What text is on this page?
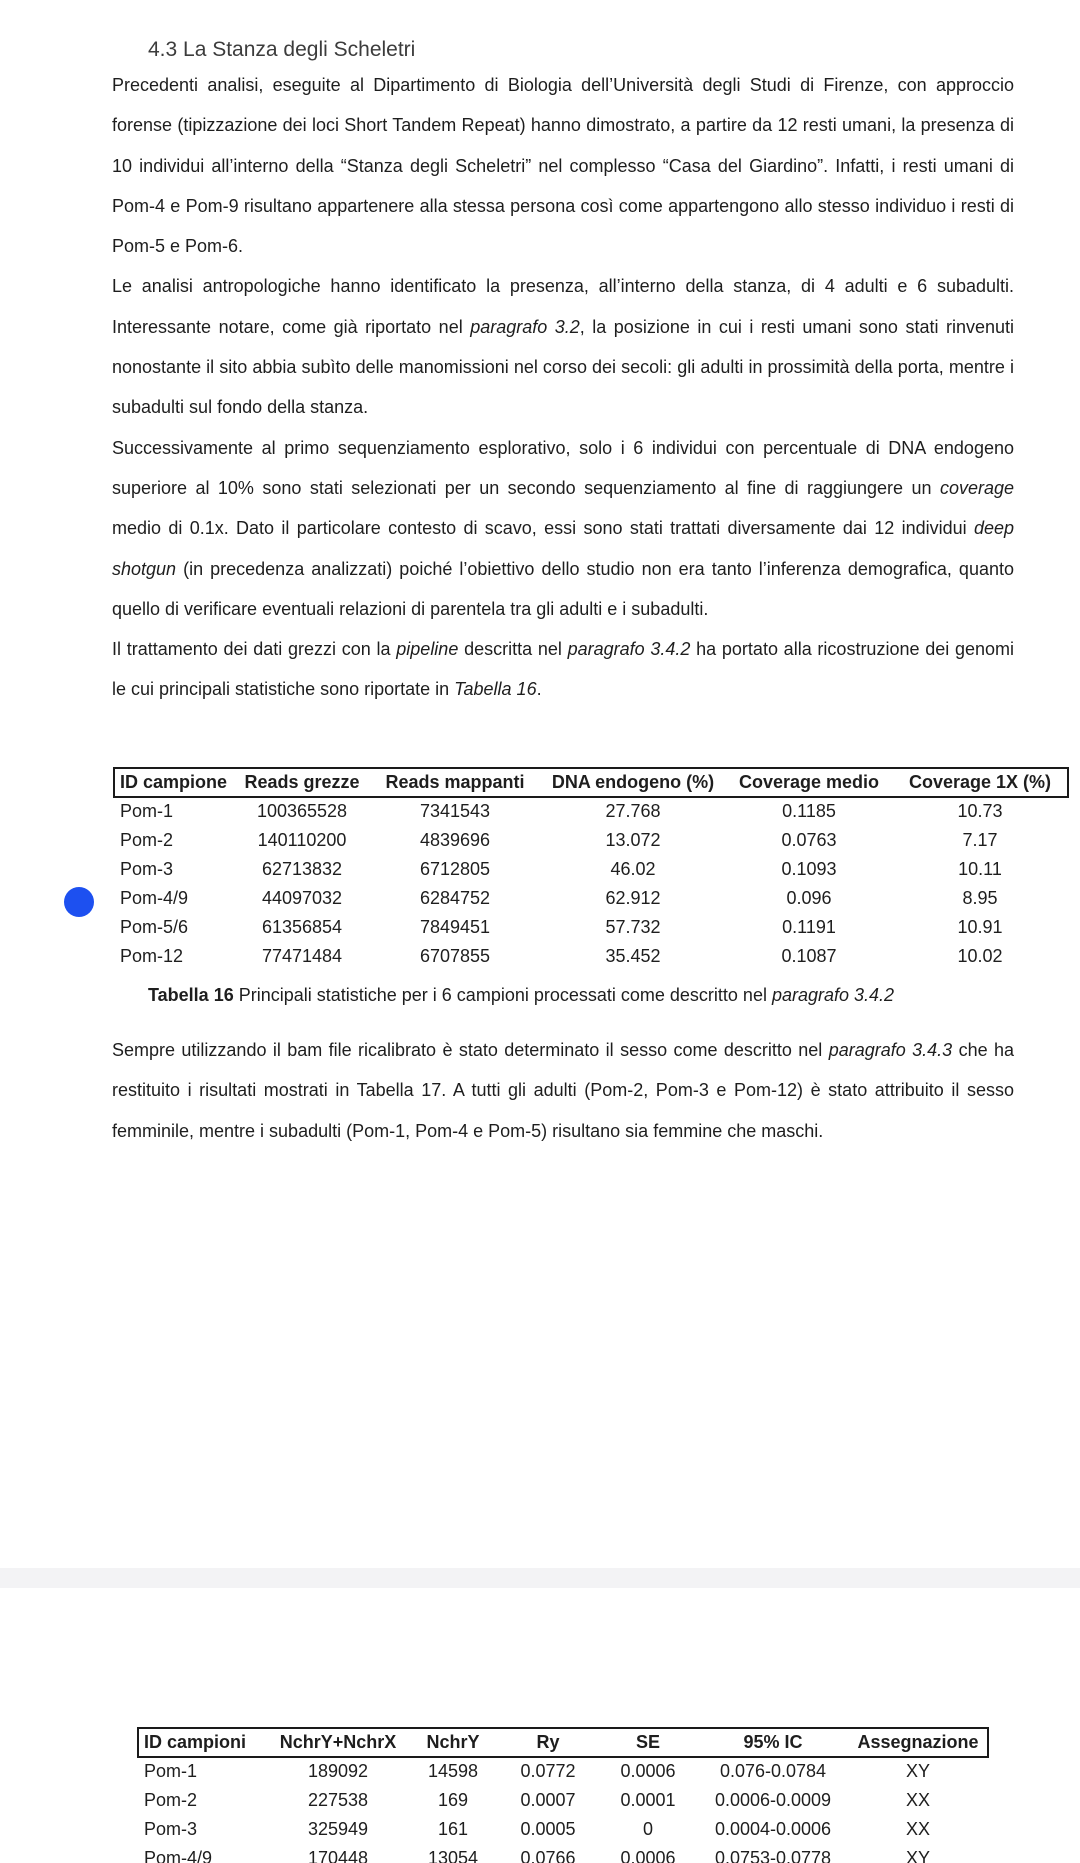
4.3 La Stanza degli Scheletri

Precedenti analisi, eseguite al Dipartimento di Biologia dell’Università degli Studi di Firenze, con approccio forense (tipizzazione dei loci Short Tandem Repeat) hanno dimostrato, a partire da 12 resti umani, la presenza di 10 individui all’interno della “Stanza degli Scheletri” nel complesso “Casa del Giardino”. Infatti, i resti umani di Pom-4 e Pom-9 risultano appartenere alla stessa persona così come appartengono allo stesso individuo i resti di Pom-5 e Pom-6.

Le analisi antropologiche hanno identificato la presenza, all’interno della stanza, di 4 adulti e 6 subadulti. Interessante notare, come già riportato nel paragrafo 3.2, la posizione in cui i resti umani sono stati rinvenuti nonostante il sito abbia subìto delle manomissioni nel corso dei secoli: gli adulti in prossimità della porta, mentre i subadulti sul fondo della stanza.

Successivamente al primo sequenziamento esplorativo, solo i 6 individui con percentuale di DNA endogeno superiore al 10% sono stati selezionati per un secondo sequenziamento al fine di raggiungere un coverage medio di 0.1x. Dato il particolare contesto di scavo, essi sono stati trattati diversamente dai 12 individui deep shotgun (in precedenza analizzati) poiché l’obiettivo dello studio non era tanto l’inferenza demografica, quanto quello di verificare eventuali relazioni di parentela tra gli adulti e i subadulti.

Il trattamento dei dati grezzi con la pipeline descritta nel paragrafo 3.4.2 ha portato alla ricostruzione dei genomi le cui principali statistiche sono riportate in Tabella 16.

ID campione	Reads grezze	Reads mappanti	DNA endogeno (%)	Coverage medio	Coverage 1X (%)
Pom-1	100365528	7341543	27.768	0.1185	10.73
Pom-2	140110200	4839696	13.072	0.0763	7.17
Pom-3	62713832	6712805	46.02	0.1093	10.11
Pom-4/9	44097032	6284752	62.912	0.096	8.95
Pom-5/6	61356854	7849451	57.732	0.1191	10.91
Pom-12	77471484	6707855	35.452	0.1087	10.02
Tabella 16 Principali statistiche per i 6 campioni processati come descritto nel paragrafo 3.4.2

Sempre utilizzando il bam file ricalibrato è stato determinato il sesso come descritto nel paragrafo 3.4.3 che ha restituito i risultati mostrati in Tabella 17. A tutti gli adulti (Pom-2, Pom-3 e Pom-12) è stato attribuito il sesso femminile, mentre i subadulti (Pom-1, Pom-4 e Pom-5) risultano sia femmine che maschi.

ID campioni	NchrY+NchrX	NchrY	Ry	SE	95% IC	Assegnazione
Pom-1	189092	14598	0.0772	0.0006	0.076-0.0784	XY
Pom-2	227538	169	0.0007	0.0001	0.0006-0.0009	XX
Pom-3	325949	161	0.0005	0	0.0004-0.0006	XX
Pom-4/9	170448	13054	0.0766	0.0006	0.0753-0.0778	XY
